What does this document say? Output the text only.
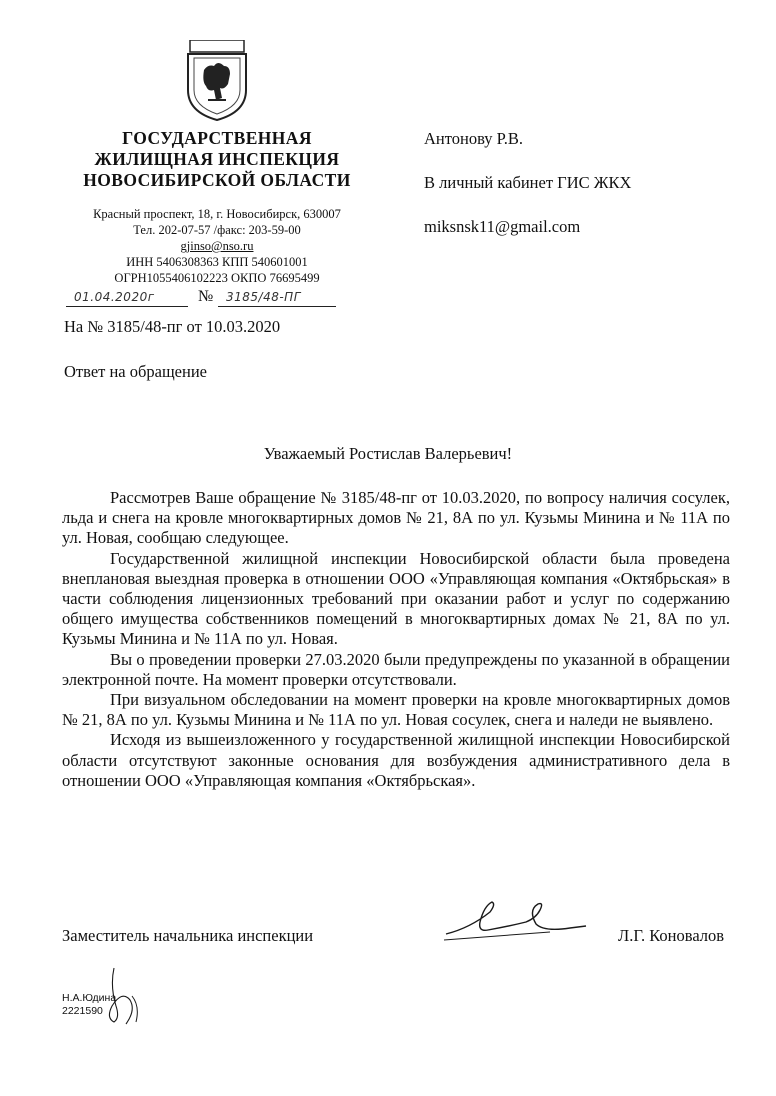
ГОСУДАРСТВЕННАЯ
ЖИЛИЩНАЯ ИНСПЕКЦИЯ
НОВОСИБИРСКОЙ ОБЛАСТИ
Красный проспект, 18, г. Новосибирск, 630007
Тел. 202-07-57 /факс: 203-59-00
gjinso@nso.ru
ИНН 5406308363 КПП 540601001
ОГРН1055406102223 ОКПО 76695499
01.04.2020г	№ 3185/48-ПГ
На № 3185/48-пг от 10.03.2020
Ответ на обращение
Антонову Р.В.
В личный кабинет ГИС ЖКХ
miksnsk11@gmail.com
Уважаемый Ростислав Валерьевич!

Рассмотрев Ваше обращение № 3185/48-пг от 10.03.2020, по вопросу наличия сосулек, льда и снега на кровле многоквартирных домов № 21, 8А по ул. Кузьмы Минина и № 11А по ул. Новая, сообщаю следующее.

Государственной жилищной инспекции Новосибирской области была проведена внеплановая выездная проверка в отношении ООО «Управляющая компания «Октябрьская» в части соблюдения лицензионных требований при оказании работ и услуг по содержанию общего имущества собственников помещений в многоквартирных домах № 21, 8А по ул. Кузьмы Минина и № 11А по ул. Новая.

Вы о проведении проверки 27.03.2020 были предупреждены по указанной в обращении электронной почте. На момент проверки отсутствовали.

При визуальном обследовании на момент проверки на кровле многоквартирных домов № 21, 8А по ул. Кузьмы Минина и № 11А по ул. Новая сосулек, снега и наледи не выявлено.

Исходя из вышеизложенного у государственной жилищной инспекции Новосибирской области отсутствуют законные основания для возбуждения административного дела в отношении ООО «Управляющая компания «Октябрьская».

Заместитель начальника инспекции	Л.Г. Коновалов
Н.А.Юдина
2221590
